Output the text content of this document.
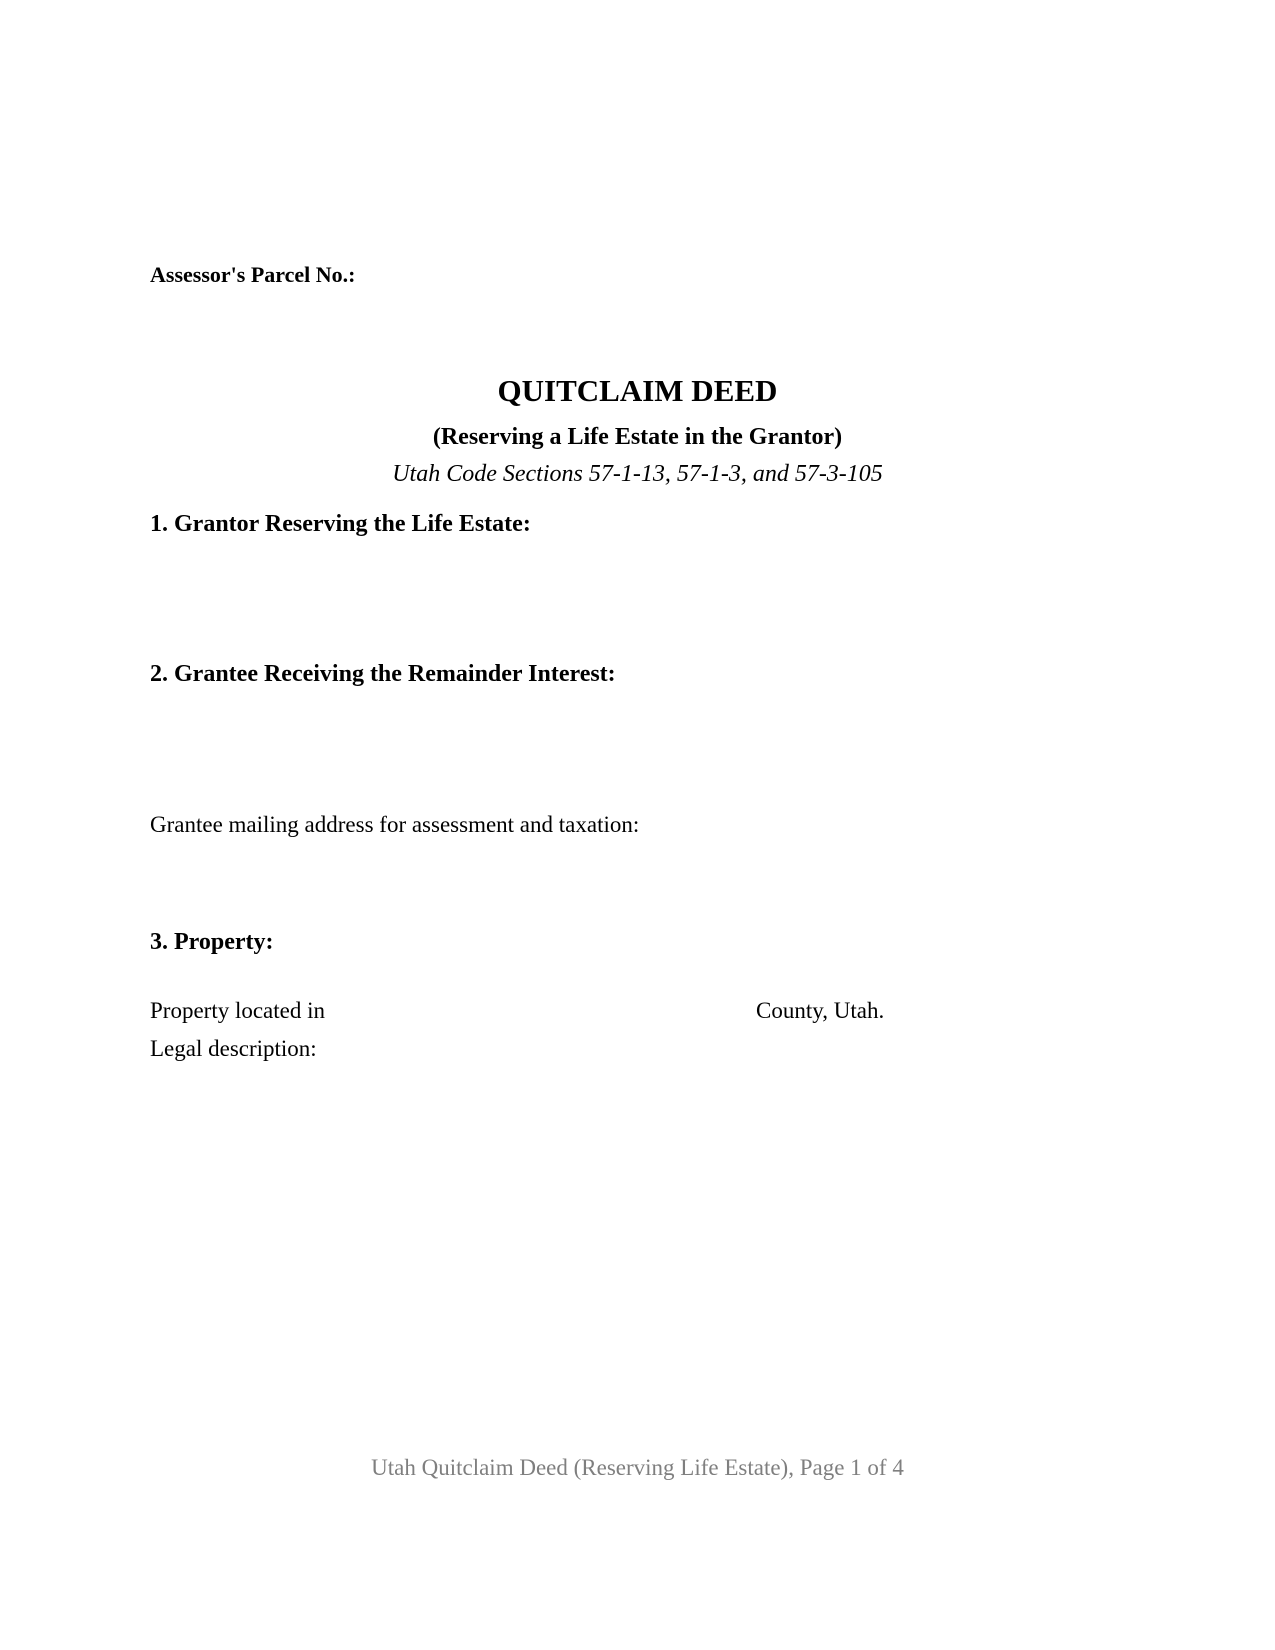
Assessor's Parcel No.:
QUITCLAIM DEED
(Reserving a Life Estate in the Grantor)
Utah Code Sections 57-1-13, 57-1-3, and 57-3-105
1. Grantor Reserving the Life Estate:
2. Grantee Receiving the Remainder Interest:
Grantee mailing address for assessment and taxation:
3. Property:
Property located in	County, Utah.
Legal description:
Utah Quitclaim Deed (Reserving Life Estate), Page 1 of 4
